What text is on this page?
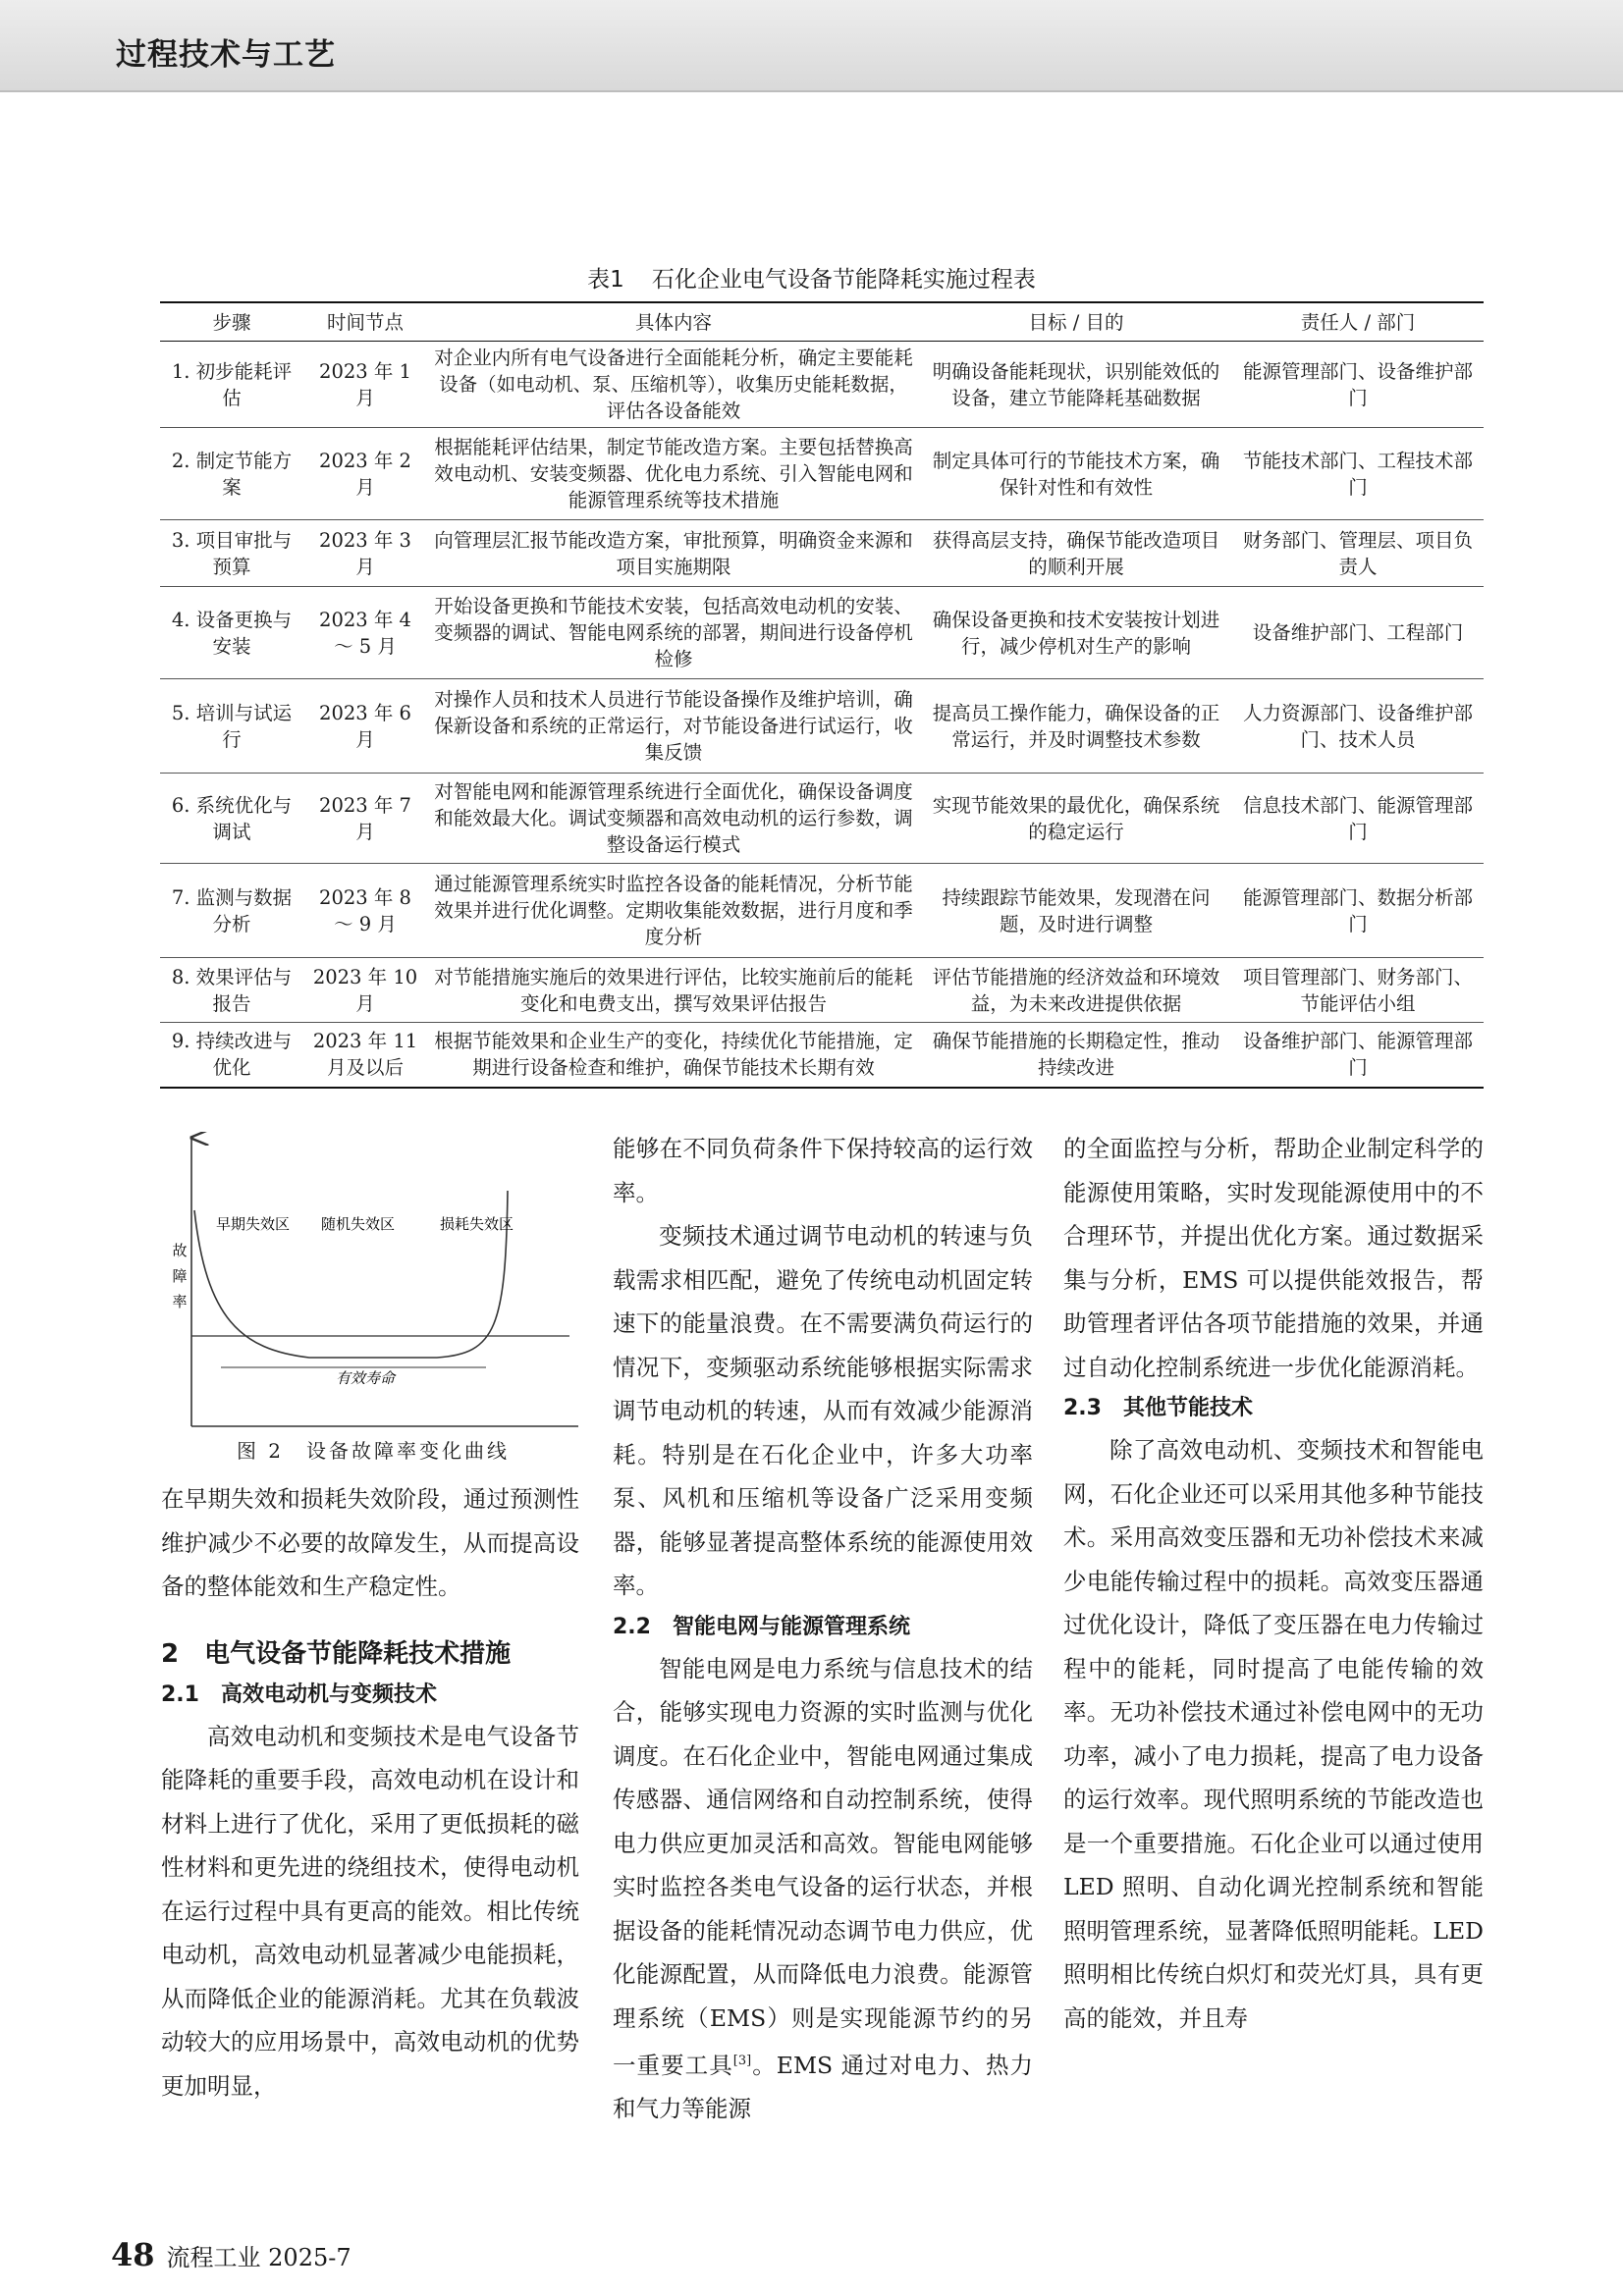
过程技术与工艺
表1 石化企业电气设备节能降耗实施过程表
步骤	时间节点	具体内容	目标 / 目的	责任人 / 部门
1. 初步能耗评估	2023 年 1 月	对企业内所有电气设备进行全面能耗分析，确定主要能耗设备（如电动机、泵、压缩机等），收集历史能耗数据，评估各设备能效	明确设备能耗现状，识别能效低的设备，建立节能降耗基础数据	能源管理部门、设备维护部门
2. 制定节能方案	2023 年 2 月	根据能耗评估结果，制定节能改造方案。主要包括替换高效电动机、安装变频器、优化电力系统、引入智能电网和能源管理系统等技术措施	制定具体可行的节能技术方案，确保针对性和有效性	节能技术部门、工程技术部门
3. 项目审批与预算	2023 年 3 月	向管理层汇报节能改造方案，审批预算，明确资金来源和项目实施期限	获得高层支持，确保节能改造项目的顺利开展	财务部门、管理层、项目负责人
4. 设备更换与安装	2023 年 4 ～ 5 月	开始设备更换和节能技术安装，包括高效电动机的安装、变频器的调试、智能电网系统的部署，期间进行设备停机检修	确保设备更换和技术安装按计划进行，减少停机对生产的影响	设备维护部门、工程部门
5. 培训与试运行	2023 年 6 月	对操作人员和技术人员进行节能设备操作及维护培训，确保新设备和系统的正常运行，对节能设备进行试运行，收集反馈	提高员工操作能力，确保设备的正常运行，并及时调整技术参数	人力资源部门、设备维护部门、技术人员
6. 系统优化与调试	2023 年 7 月	对智能电网和能源管理系统进行全面优化，确保设备调度和能效最大化。调试变频器和高效电动机的运行参数，调整设备运行模式	实现节能效果的最优化，确保系统的稳定运行	信息技术部门、能源管理部门
7. 监测与数据分析	2023 年 8 ～ 9 月	通过能源管理系统实时监控各设备的能耗情况，分析节能效果并进行优化调整。定期收集能效数据，进行月度和季度分析	持续跟踪节能效果，发现潜在问题，及时进行调整	能源管理部门、数据分析部门
8. 效果评估与报告	2023 年 10 月	对节能措施实施后的效果进行评估，比较实施前后的能耗变化和电费支出，撰写效果评估报告	评估节能措施的经济效益和环境效益，为未来改进提供依据	项目管理部门、财务部门、节能评估小组
9. 持续改进与优化	2023 年 11 月及以后	根据节能效果和企业生产的变化，持续优化节能措施，定期进行设备检查和维护，确保节能技术长期有效	确保节能措施的长期稳定性，推动持续改进	设备维护部门、能源管理部门
故
障
率
早期失效区 随机失效区	损耗失效区
有效寿命
图 2　设备故障率变化曲线

在早期失效和损耗失效阶段，通过预测性维护减少不必要的故障发生，从而提高设备的整体能效和生产稳定性。

2　电气设备节能降耗技术措施

2.1　高效电动机与变频技术

高效电动机和变频技术是电气设备节能降耗的重要手段，高效电动机在设计和材料上进行了优化，采用了更低损耗的磁性材料和更先进的绕组技术，使得电动机在运行过程中具有更高的能效。相比传统电动机，高效电动机显著减少电能损耗，从而降低企业的能源消耗。尤其在负载波动较大的应用场景中，高效电动机的优势更加明显，

能够在不同负荷条件下保持较高的运行效率。

变频技术通过调节电动机的转速与负载需求相匹配，避免了传统电动机固定转速下的能量浪费。在不需要满负荷运行的情况下，变频驱动系统能够根据实际需求调节电动机的转速，从而有效减少能源消耗。特别是在石化企业中，许多大功率泵、风机和压缩机等设备广泛采用变频器，能够显著提高整体系统的能源使用效率。

2.2　智能电网与能源管理系统

智能电网是电力系统与信息技术的结合，能够实现电力资源的实时监测与优化调度。在石化企业中，智能电网通过集成传感器、通信网络和自动控制系统，使得电力供应更加灵活和高效。智能电网能够实时监控各类电气设备的运行状态，并根据设备的能耗情况动态调节电力供应，优化能源配置，从而降低电力浪费。能源管理系统（EMS）则是实现能源节约的另一重要工具[3]。EMS 通过对电力、热力和气力等能源

的全面监控与分析，帮助企业制定科学的能源使用策略，实时发现能源使用中的不合理环节，并提出优化方案。通过数据采集与分析，EMS 可以提供能效报告，帮助管理者评估各项节能措施的效果，并通过自动化控制系统进一步优化能源消耗。

2.3　其他节能技术

除了高效电动机、变频技术和智能电网，石化企业还可以采用其他多种节能技术。采用高效变压器和无功补偿技术来减少电能传输过程中的损耗。高效变压器通过优化设计，降低了变压器在电力传输过程中的能耗，同时提高了电能传输的效率。无功补偿技术通过补偿电网中的无功功率，减小了电力损耗，提高了电力设备的运行效率。现代照明系统的节能改造也是一个重要措施。石化企业可以通过使用 LED 照明、自动化调光控制系统和智能照明管理系统，显著降低照明能耗。LED 照明相比传统白炽灯和荧光灯具，具有更高的能效，并且寿

48 流程工业 2025-7
